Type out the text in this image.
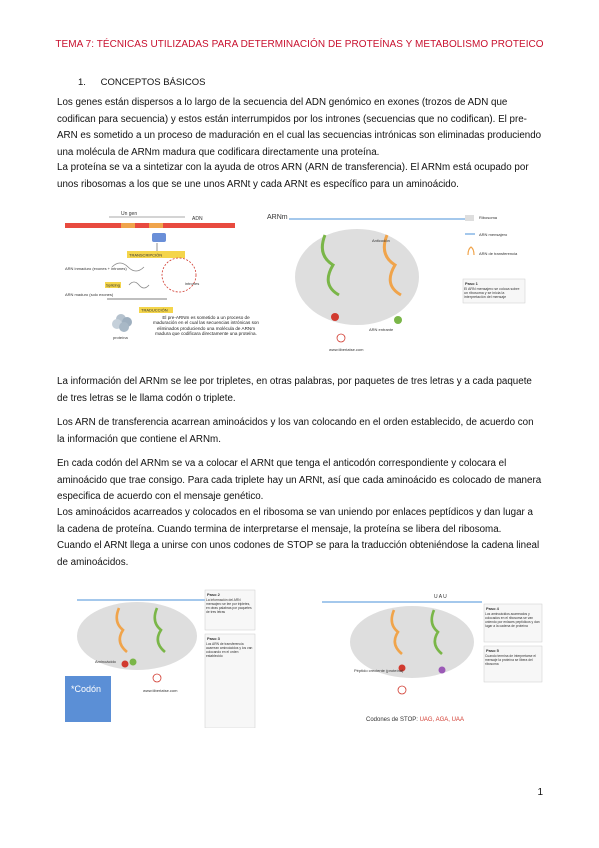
TEMA 7: TÉCNICAS UTILIZADAS PARA DETERMINACIÓN DE PROTEÍNAS Y METABOLISMO PROTEICO
1. CONCEPTOS BÁSICOS
Los genes están dispersos a lo largo de la secuencia del ADN genómico en exones (trozos de ADN que codifican para secuencia) y estos están interrumpidos por los intrones (secuencias que no codifican). El pre-ARN es sometido a un proceso de maduración en el cual las secuencias intrónicas son eliminadas produciendo una molécula de ARNm madura que codificara directamente una proteína.
La proteína se va a sintetizar con la ayuda de otros ARN (ARN de transferencia). El ARNm está ocupado por unos ribosomas a los que se une unos ARNt y cada ARNt es específico para un aminoácido.
Un gen
ADN
TRANSCRIPCIÓN
ARN inmaduro (exones + intrones)
Splicing	intrones
ARN maduro (solo exones)
TRADUCCIÓN
proteína
El pre-ARNm es sometido a un proceso de maduración en el cual las secuencias intrónicas son eliminados produciendo una molécula de ARNm madura que codificara directamente una proteína.
ARNm
Anticodón
ARN entrante
www.tiberiatse.com
Ribosoma
ARN mensajero
ARN de transferencia
Paso 1
El ARN mensajero se coloca sobre un ribosoma y se inicia la interpretación del mensaje
La información del ARNm se lee por tripletes, en otras palabras, por paquetes de tres letras y a cada paquete de tres letras se le llama codón o triplete.
Los ARN de transferencia acarrean aminoácidos y los van colocando en el orden establecido, de acuerdo con la información que contiene el ARNm.
En cada codón del ARNm se va a colocar el ARNt que tenga el anticodón correspondiente y colocara el aminoácido que trae consigo. Para cada triplete hay un ARNt, así que cada aminoácido es colocado de manera especifica de acuerdo con el mensaje genético.
Los aminoácidos acarreados y colocados en el ribosoma se van uniendo por enlaces peptídicos y dan lugar a la cadena de proteína. Cuando termina de interpretarse el mensaje, la proteína se libera del ribosoma.
Cuando el ARNt llega a unirse con unos codones de STOP se para la traducción obteniéndose la cadena lineal de aminoácidos.
Aminoácido
*Codón	www.tiberiatse.com
Paso 2
La información del ARN mensajero se lee por tripletes, en otras palabras por paquetes de tres letras
Paso 3
Los ARN de transferencia acarrean aminoácidos y los van colocando en el orden establecido
U A U
Péptido creciente (proteína)
Paso 4
Los aminoácidos acarreados y colocados en el ribosoma se van uniendo por enlaces peptídicos y dan lugar a la cadena de proteína
Paso 5
Cuando termina de interpretarse el mensaje la proteína se libera del ribosoma
Codones de STOP: UAG, AGA, UAA
1
